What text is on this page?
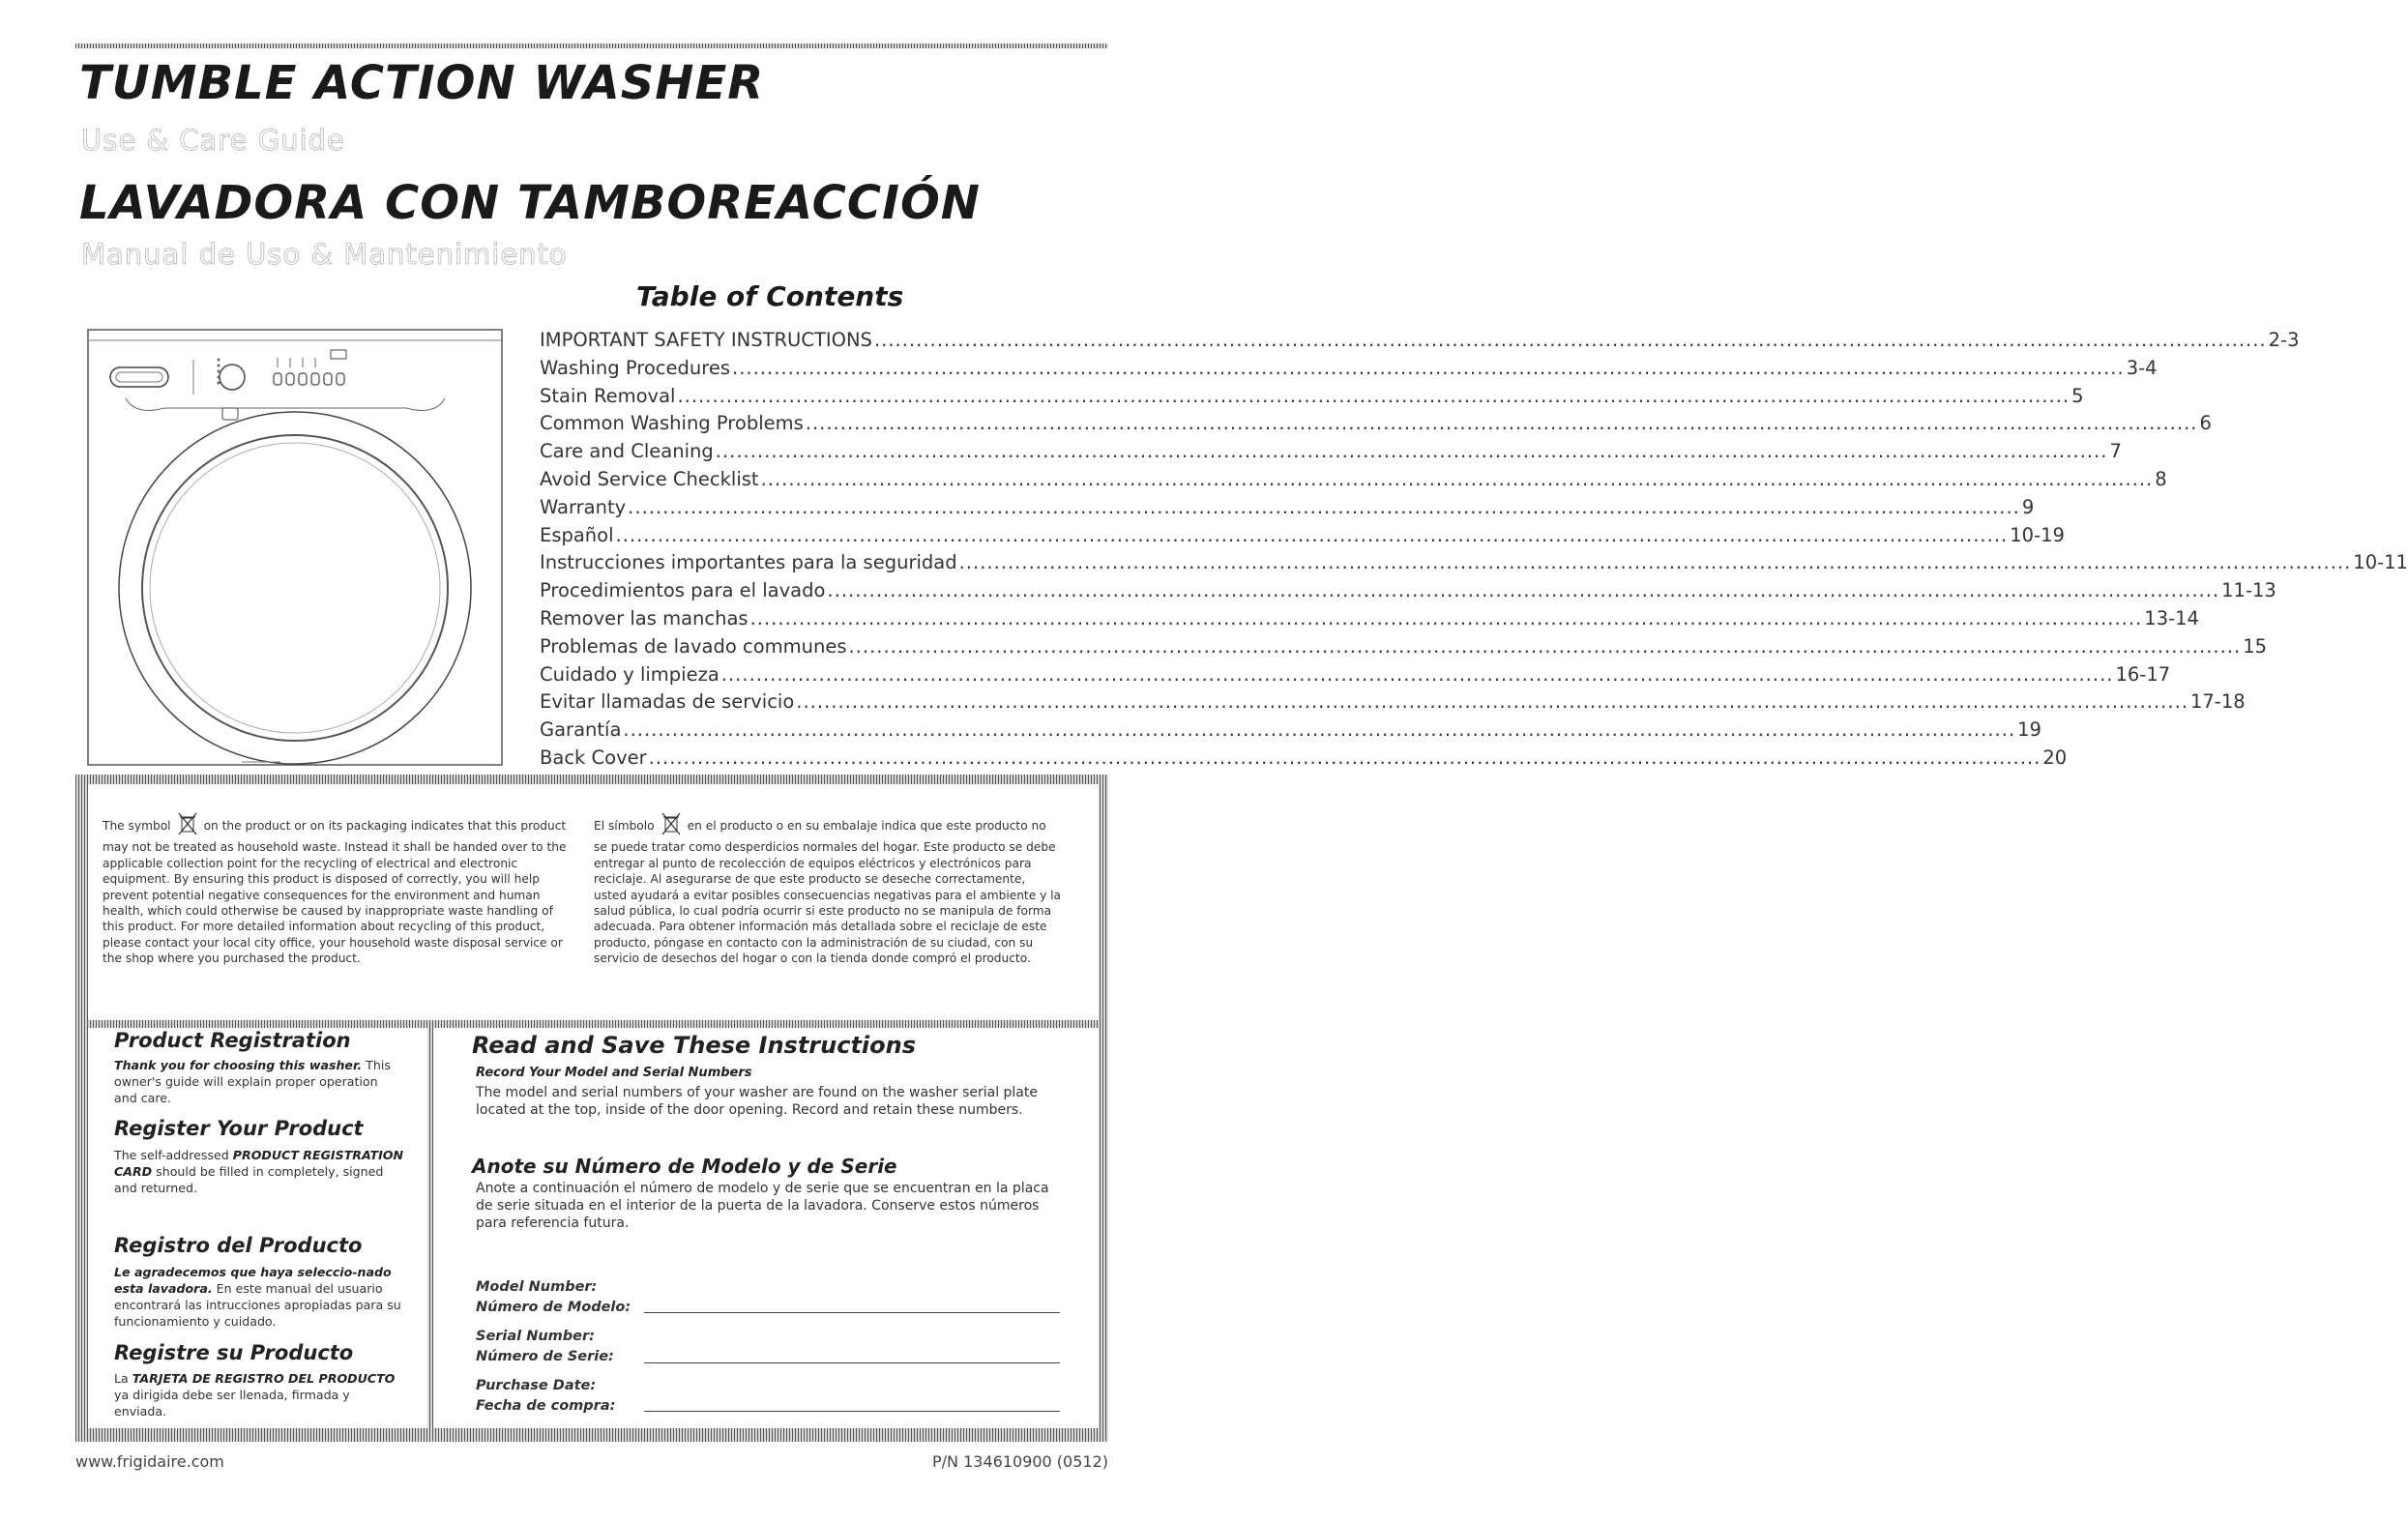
TUMBLE ACTION WASHER
Use & Care Guide
LAVADORA CON TAMBOREACCIÓN
Manual de Uso & Mantenimiento
Table of Contents
IMPORTANT SAFETY INSTRUCTIONS ........................................................................................................................................................................................................ 2-3
Washing Procedures ........................................................................................................................................................................................................ 3-4
Stain Removal ........................................................................................................................................................................................................ 5
Common Washing Problems ........................................................................................................................................................................................................ 6
Care and Cleaning ........................................................................................................................................................................................................ 7
Avoid Service Checklist ........................................................................................................................................................................................................ 8
Warranty ........................................................................................................................................................................................................ 9
Español ........................................................................................................................................................................................................ 10-19
Instrucciones importantes para la seguridad ........................................................................................................................................................................................................ 10-11
Procedimientos para el lavado ........................................................................................................................................................................................................ 11-13
Remover las manchas ........................................................................................................................................................................................................ 13-14
Problemas de lavado communes ........................................................................................................................................................................................................ 15
Cuidado y limpieza ........................................................................................................................................................................................................ 16-17
Evitar llamadas de servicio ........................................................................................................................................................................................................ 17-18
Garantía ........................................................................................................................................................................................................ 19
Back Cover ........................................................................................................................................................................................................ 20
The symbol	on the product or on its packaging indicates that this product may not be treated as household waste. Instead it shall be handed over to the applicable collection point for the recycling of electrical and electronic equipment. By ensuring this product is disposed of correctly, you will help prevent potential negative consequences for the environment and human health, which could otherwise be caused by inappropriate waste handling of this product. For more detailed information about recycling of this product, please contact your local city office, your household waste disposal service or the shop where you purchased the product.
El símbolo	en el producto o en su embalaje indica que este producto no se puede tratar como desperdicios normales del hogar. Este producto se debe entregar al punto de recolección de equipos eléctricos y electrónicos para reciclaje. Al asegurarse de que este producto se deseche correctamente, usted ayudará a evitar posibles consecuencias negativas para el ambiente y la salud pública, lo cual podría ocurrir si este producto no se manipula de forma adecuada. Para obtener información más detallada sobre el reciclaje de este producto, póngase en contacto con la administración de su ciudad, con su servicio de desechos del hogar o con la tienda donde compró el producto.
Product Registration
Thank you for choosing this washer. This owner's guide will explain proper operation and care.
Register Your Product
The self-addressed PRODUCT REGISTRATION CARD should be filled in completely, signed and returned.
Registro del Producto
Le agradecemos que haya seleccio-nado esta lavadora. En este manual del usuario encontrará las intrucciones apropiadas para su funcionamiento y cuidado.
Registre su Producto
La TARJETA DE REGISTRO DEL PRODUCTO ya dirigida debe ser llenada, firmada y enviada.
Read and Save These Instructions
Record Your Model and Serial Numbers
The model and serial numbers of your washer are found on the washer serial plate located at the top, inside of the door opening. Record and retain these numbers.
Anote su Número de Modelo y de Serie
Anote a continuación el número de modelo y de serie que se encuentran en la placa de serie situada en el interior de la puerta de la lavadora. Conserve estos números para referencia futura.
Model Number:
Número de Modelo:
Serial Number:
Número de Serie:
Purchase Date:
Fecha de compra:
www.frigidaire.com	P/N 134610900 (0512)
